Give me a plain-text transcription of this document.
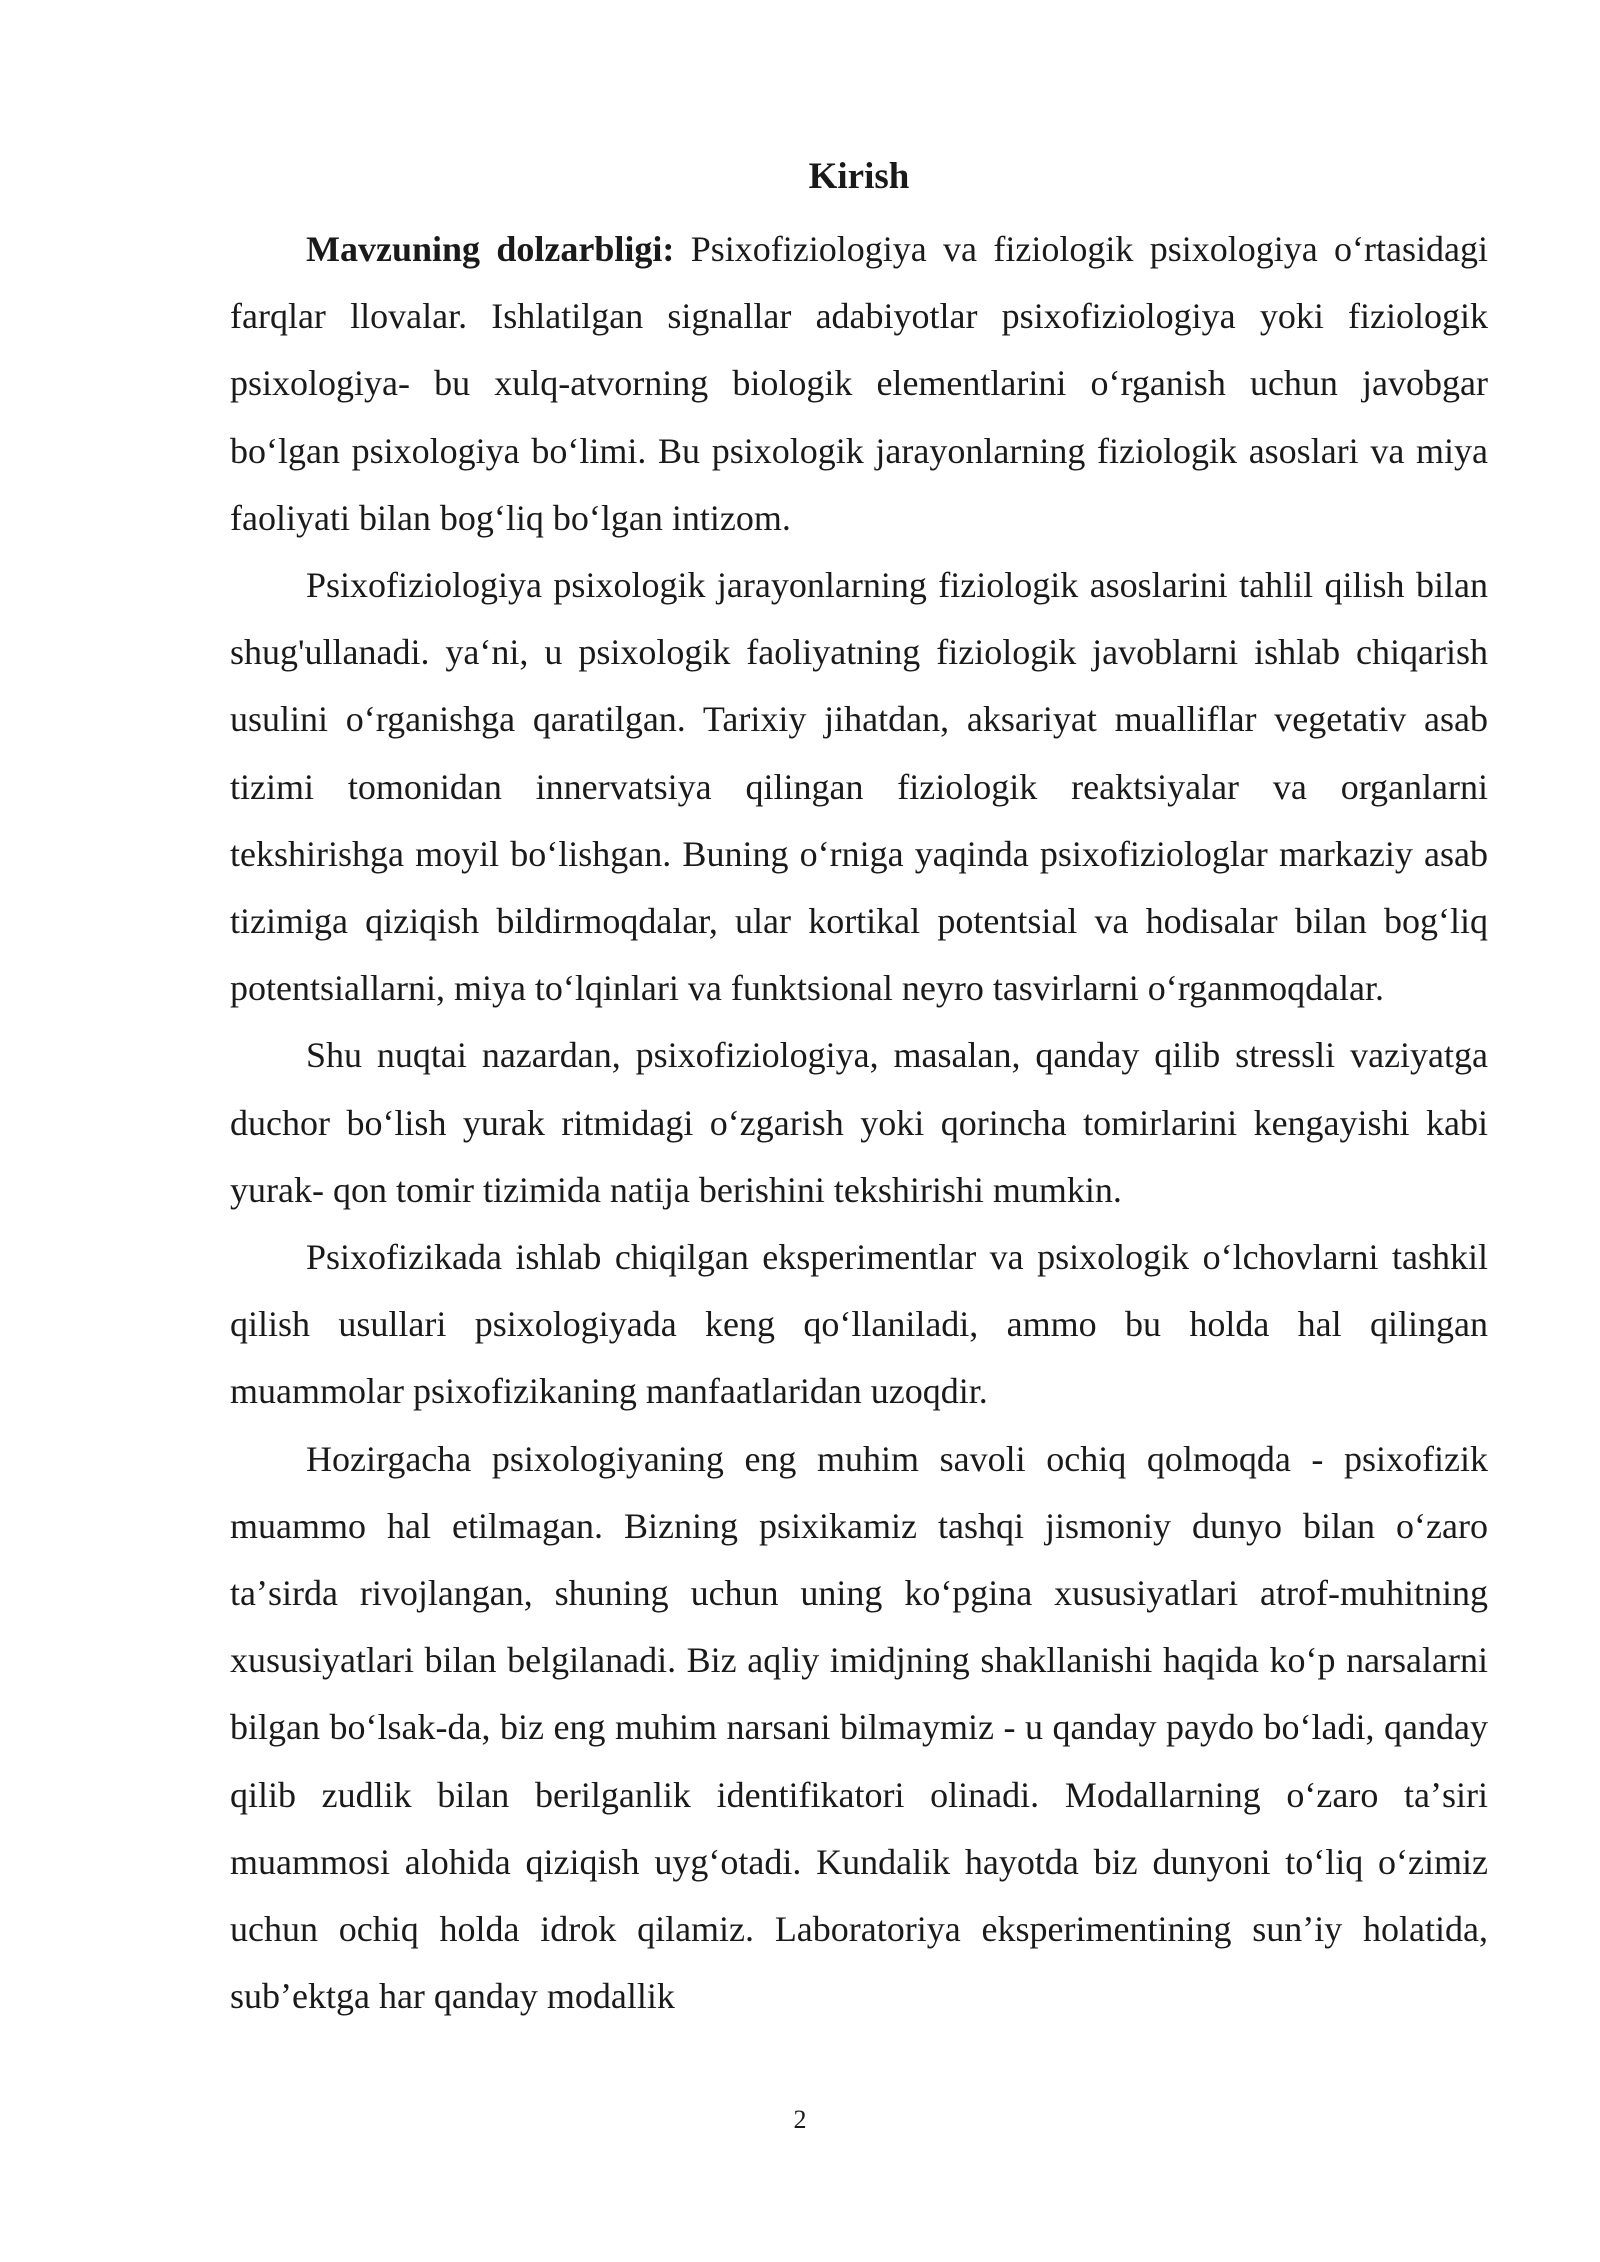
Kirish

Mavzuning dolzarbligi: Psixofiziologiya va fiziologik psixologiya oʻrtasidagi farqlar llovalar. Ishlatilgan signallar adabiyotlar psixofiziologiya yoki fiziologik psixologiya- bu xulq-atvorning biologik elementlarini oʻrganish uchun javobgar boʻlgan psixologiya boʻlimi. Bu psixologik jarayonlarning fiziologik asoslari va miya faoliyati bilan bogʻliq boʻlgan intizom.

Psixofiziologiya psixologik jarayonlarning fiziologik asoslarini tahlil qilish bilan shug'ullanadi. yaʻni, u psixologik faoliyatning fiziologik javoblarni ishlab chiqarish usulini oʻrganishga qaratilgan. Tarixiy jihatdan, aksariyat mualliflar vegetativ asab tizimi tomonidan innervatsiya qilingan fiziologik reaktsiyalar va organlarni tekshirishga moyil boʻlishgan. Buning oʻrniga yaqinda psixofiziologlar markaziy asab tizimiga qiziqish bildirmoqdalar, ular kortikal potentsial va hodisalar bilan bogʻliq potentsiallarni, miya toʻlqinlari va funktsional neyro tasvirlarni oʻrganmoqdalar.

Shu nuqtai nazardan, psixofiziologiya, masalan, qanday qilib stressli vaziyatga duchor boʻlish yurak ritmidagi oʻzgarish yoki qorincha tomirlarini kengayishi kabi yurak- qon tomir tizimida natija berishini tekshirishi mumkin.

Psixofizikada ishlab chiqilgan eksperimentlar va psixologik oʻlchovlarni tashkil qilish usullari psixologiyada keng qoʻllaniladi, ammo bu holda hal qilingan muammolar psixofizikaning manfaatlaridan uzoqdir.

Hozirgacha psixologiyaning eng muhim savoli ochiq qolmoqda - psixofizik muammo hal etilmagan. Bizning psixikamiz tashqi jismoniy dunyo bilan oʻzaro taʼsirda rivojlangan, shuning uchun uning koʻpgina xususiyatlari atrof-muhitning xususiyatlari bilan belgilanadi. Biz aqliy imidjning shakllanishi haqida koʻp narsalarni bilgan boʻlsak-da, biz eng muhim narsani bilmaymiz - u qanday paydo boʻladi, qanday qilib zudlik bilan berilganlik identifikatori olinadi. Modallarning oʻzaro taʼsiri muammosi alohida qiziqish uygʻotadi. Kundalik hayotda biz dunyoni toʻliq oʻzimiz uchun ochiq holda idrok qilamiz. Laboratoriya eksperimentining sunʼiy holatida, subʼektga har qanday modallik

2
